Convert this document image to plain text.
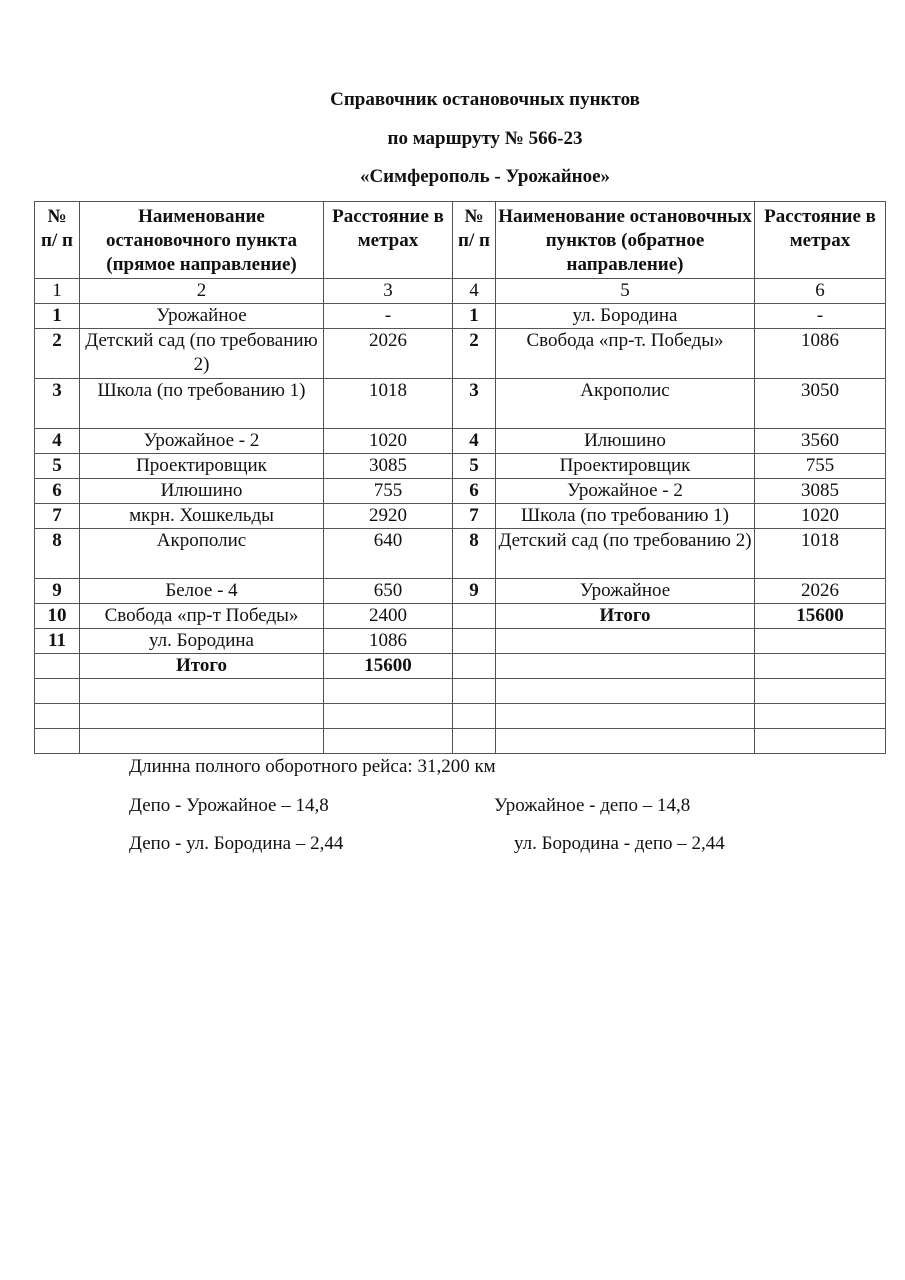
Справочник остановочных пунктов
по маршруту № 566-23
«Симферополь - Урожайное»
№ п/ п	Наименование остановочного пункта (прямое направление)	Расстояние в метрах	№ п/ п	Наименование остановочных пунктов (обратное направление)	Расстояние в метрах
1	2	3	4	5	6
1	Урожайное	-	1	ул. Бородина	-
2	Детский сад (по требованию 2)	2026	2	Свобода «пр-т. Победы»	1086
3	Школа (по требованию 1)	1018	3	Акрополис	3050
4	Урожайное - 2	1020	4	Илюшино	3560
5	Проектировщик	3085	5	Проектировщик	755
6	Илюшино	755	6	Урожайное - 2	3085
7	мкрн. Хошкельды	2920	7	Школа (по требованию 1)	1020
8	Акрополис	640	8	Детский сад (по требованию 2)	1018
9	Белое - 4	650	9	Урожайное	2026
10	Свобода «пр-т Победы»	2400		Итого	15600
11	ул. Бородина	1086			
	Итого	15600			

Длинна полного оборотного рейса: 31,200 км
Депо - Урожайное – 14,8	Урожайное - депо – 14,8
Депо - ул. Бородина – 2,44	ул. Бородина - депо – 2,44
